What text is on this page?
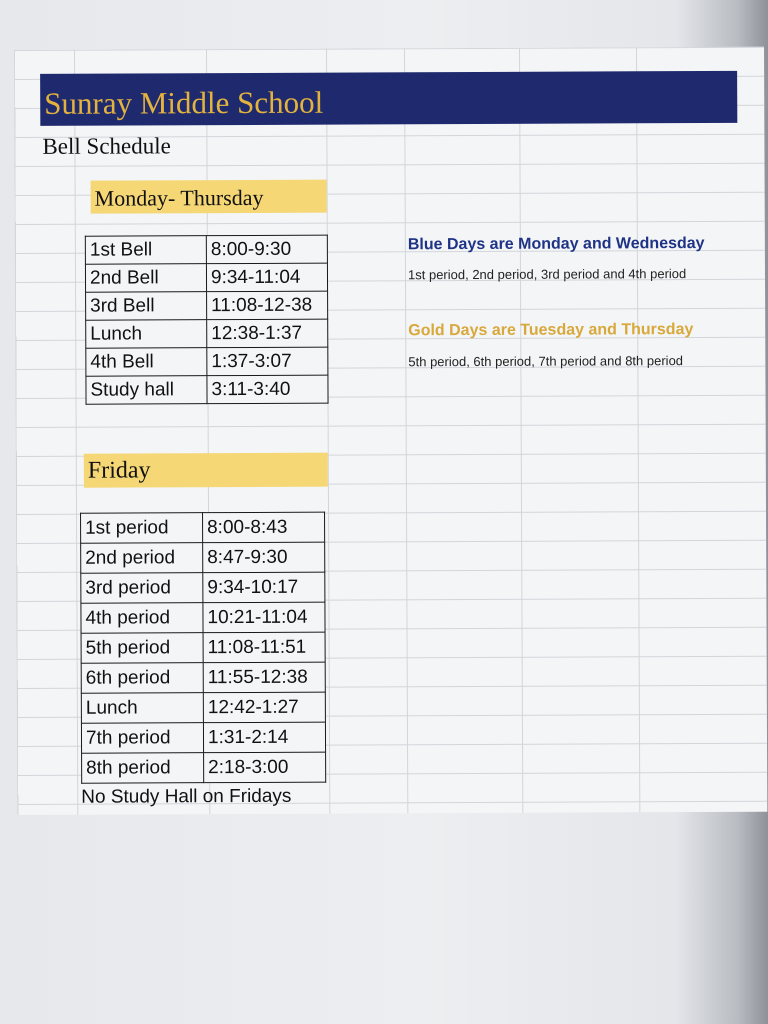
Sunray Middle School
Bell Schedule
Monday- Thursday
1st Bell	8:00-9:30
2nd Bell	9:34-11:04
3rd Bell	11:08-12-38
Lunch	12:38-1:37
4th Bell	1:37-3:07
Study hall	3:11-3:40
Blue Days are Monday and Wednesday
1st period, 2nd period, 3rd period and 4th period
Gold Days are Tuesday and Thursday
5th period, 6th period, 7th period and 8th period
Friday
1st period	8:00-8:43
2nd period	8:47-9:30
3rd period	9:34-10:17
4th period	10:21-11:04
5th period	11:08-11:51
6th period	11:55-12:38
Lunch	12:42-1:27
7th period	1:31-2:14
8th period	2:18-3:00
No Study Hall on Fridays
